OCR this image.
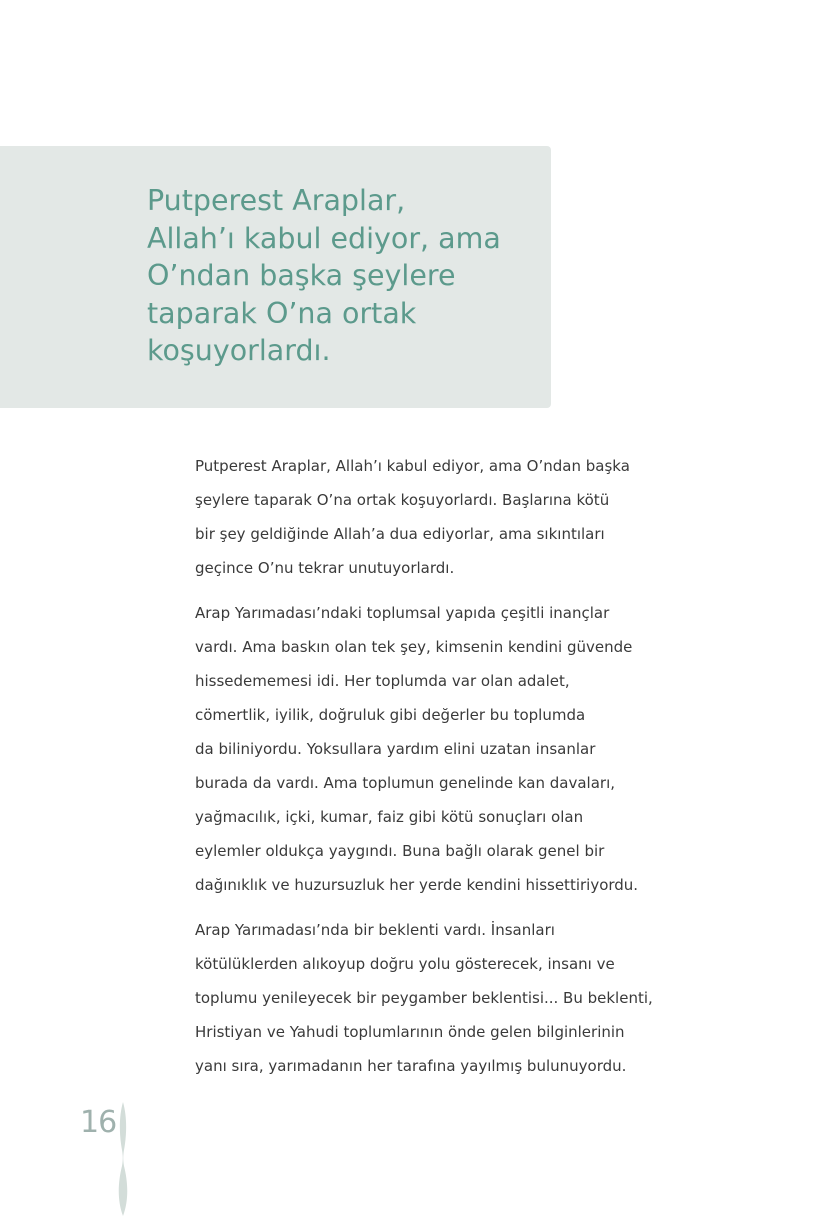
Putperest Araplar,
Allah’ı kabul ediyor, ama
O’ndan başka şeylere
taparak O’na ortak
koşuyorlardı.

Putperest Araplar, Allah’ı kabul ediyor, ama O’ndan başka
şeylere taparak O’na ortak koşuyorlardı. Başlarına kötü
bir şey geldiğinde Allah’a dua ediyorlar, ama sıkıntıları
geçince O’nu tekrar unutuyorlardı.

Arap Yarımadası’ndaki toplumsal yapıda çeşitli inançlar
vardı. Ama baskın olan tek şey, kimsenin kendini güvende
hissedememesi idi. Her toplumda var olan adalet,
cömertlik, iyilik, doğruluk gibi değerler bu toplumda
da biliniyordu. Yoksullara yardım elini uzatan insanlar
burada da vardı. Ama toplumun genelinde kan davaları,
yağmacılık, içki, kumar, faiz gibi kötü sonuçları olan
eylemler oldukça yaygındı. Buna bağlı olarak genel bir
dağınıklık ve huzursuzluk her yerde kendini hissettiriyordu.

Arap Yarımadası’nda bir beklenti vardı. İnsanları
kötülüklerden alıkoyup doğru yolu gösterecek, insanı ve
toplumu yenileyecek bir peygamber beklentisi... Bu beklenti,
Hristiyan ve Yahudi toplumlarının önde gelen bilginlerinin
yanı sıra, yarımadanın her tarafına yayılmış bulunuyordu.

16
